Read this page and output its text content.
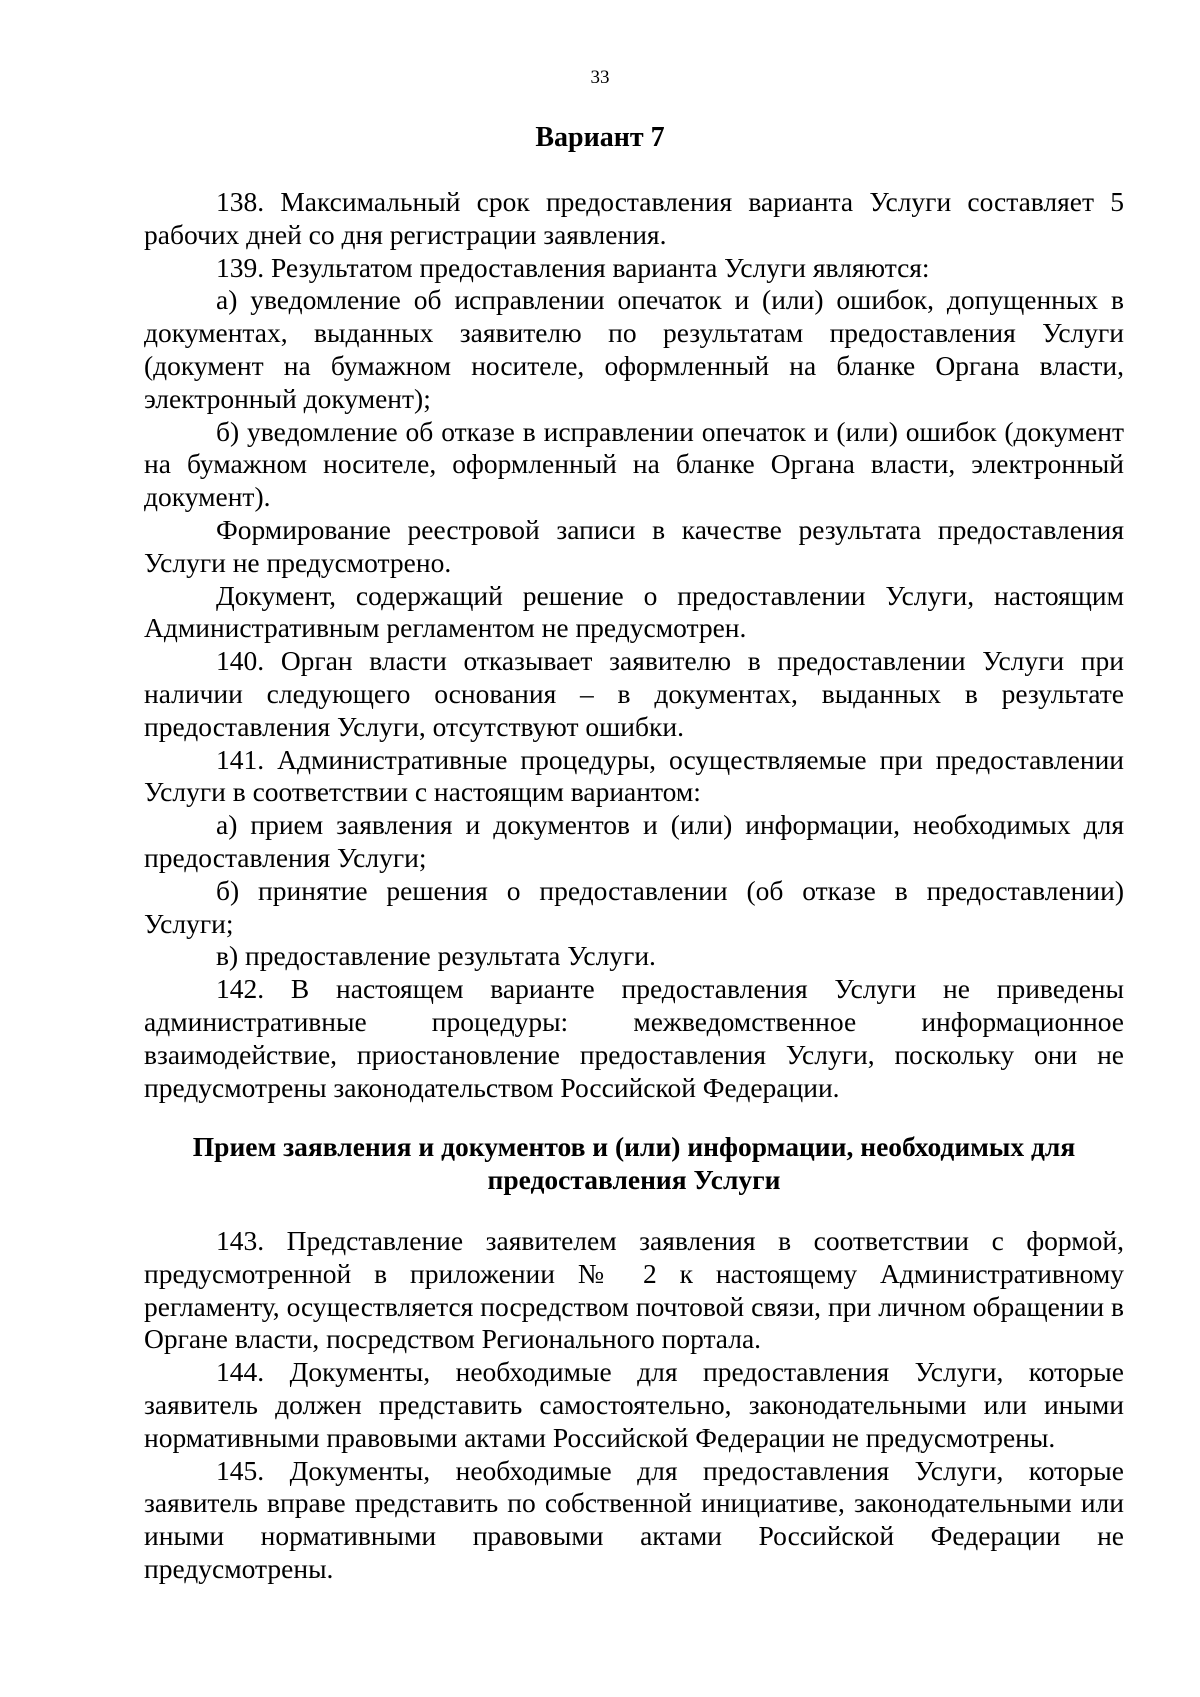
33
Вариант 7

138. Максимальный срок предоставления варианта Услуги составляет 5 рабочих дней со дня регистрации заявления.

139. Результатом предоставления варианта Услуги являются:

а) уведомление об исправлении опечаток и (или) ошибок, допущенных в документах, выданных заявителю по результатам предоставления Услуги (документ на бумажном носителе, оформленный на бланке Органа власти, электронный документ);

б) уведомление об отказе в исправлении опечаток и (или) ошибок (документ на бумажном носителе, оформленный на бланке Органа власти, электронный документ).

Формирование реестровой записи в качестве результата предоставления Услуги не предусмотрено.

Документ, содержащий решение о предоставлении Услуги, настоящим Административным регламентом не предусмотрен.

140. Орган власти отказывает заявителю в предоставлении Услуги при наличии следующего основания – в документах, выданных в результате предоставления Услуги, отсутствуют ошибки.

141. Административные процедуры, осуществляемые при предоставлении Услуги в соответствии с настоящим вариантом:

а) прием заявления и документов и (или) информации, необходимых для предоставления Услуги;

б) принятие решения о предоставлении (об отказе в предоставлении) Услуги;

в) предоставление результата Услуги.

142. В настоящем варианте предоставления Услуги не приведены административные процедуры: межведомственное информационное взаимодействие, приостановление предоставления Услуги, поскольку они не предусмотрены законодательством Российской Федерации.

Прием заявления и документов и (или) информации, необходимых для предоставления Услуги

143. Представление заявителем заявления в соответствии с формой, предусмотренной в приложении № 2 к настоящему Административному регламенту, осуществляется посредством почтовой связи, при личном обращении в Органе власти, посредством Регионального портала.

144. Документы, необходимые для предоставления Услуги, которые заявитель должен представить самостоятельно, законодательными или иными нормативными правовыми актами Российской Федерации не предусмотрены.

145. Документы, необходимые для предоставления Услуги, которые заявитель вправе представить по собственной инициативе, законодательными или иными нормативными правовыми актами Российской Федерации не предусмотрены.
